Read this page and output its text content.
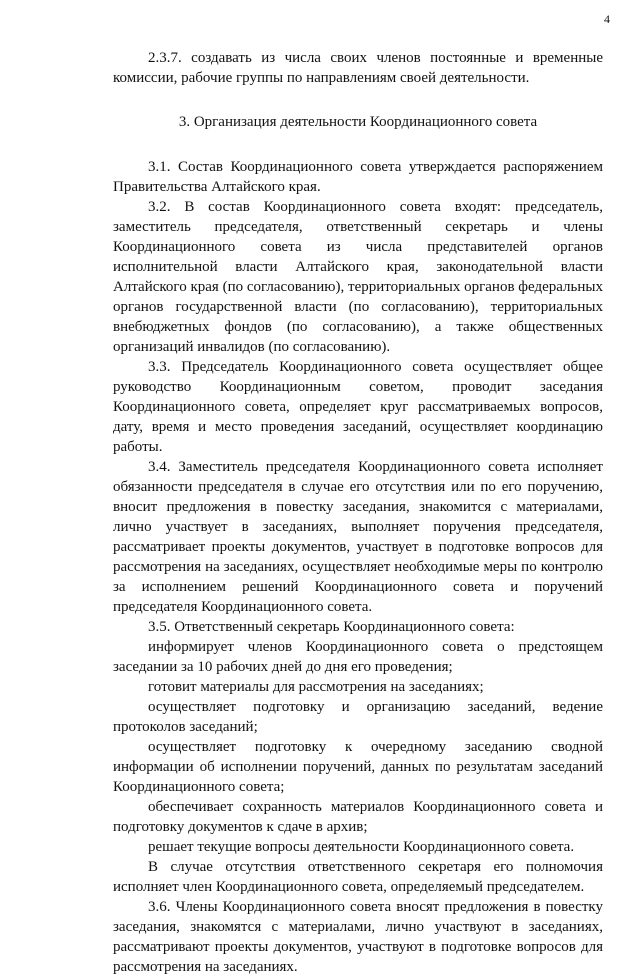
4

2.3.7. создавать из числа своих членов постоянные и временные комиссии, рабочие группы по направлениям своей деятельности.

3. Организация деятельности Координационного совета

3.1. Состав Координационного совета утверждается распоряжением Правительства Алтайского края.

3.2. В состав Координационного совета входят: председатель, заместитель председателя, ответственный секретарь и члены Координационного совета из числа представителей органов исполнительной власти Алтайского края, законодательной власти Алтайского края (по согласованию), территориальных органов федеральных органов государственной власти (по согласованию), территориальных внебюджетных фондов (по согласованию), а также общественных организаций инвалидов (по согласованию).

3.3. Председатель Координационного совета осуществляет общее руководство Координационным советом, проводит заседания Координационного совета, определяет круг рассматриваемых вопросов, дату, время и место проведения заседаний, осуществляет координацию работы.

3.4. Заместитель председателя Координационного совета исполняет обязанности председателя в случае его отсутствия или по его поручению, вносит предложения в повестку заседания, знакомится с материалами, лично участвует в заседаниях, выполняет поручения председателя, рассматривает проекты документов, участвует в подготовке вопросов для рассмотрения на заседаниях, осуществляет необходимые меры по контролю за исполнением решений Координационного совета и поручений председателя Координационного совета.

3.5. Ответственный секретарь Координационного совета:

информирует членов Координационного совета о предстоящем заседании за 10 рабочих дней до дня его проведения;

готовит материалы для рассмотрения на заседаниях;

осуществляет подготовку и организацию заседаний, ведение протоколов заседаний;

осуществляет подготовку к очередному заседанию сводной информации об исполнении поручений, данных по результатам заседаний Координационного совета;

обеспечивает сохранность материалов Координационного совета и подготовку документов к сдаче в архив;

решает текущие вопросы деятельности Координационного совета.

В случае отсутствия ответственного секретаря его полномочия исполняет член Координационного совета, определяемый председателем.

3.6. Члены Координационного совета вносят предложения в повестку заседания, знакомятся с материалами, лично участвуют в заседаниях, рассматривают проекты документов, участвуют в подготовке вопросов для рассмотрения на заседаниях.
